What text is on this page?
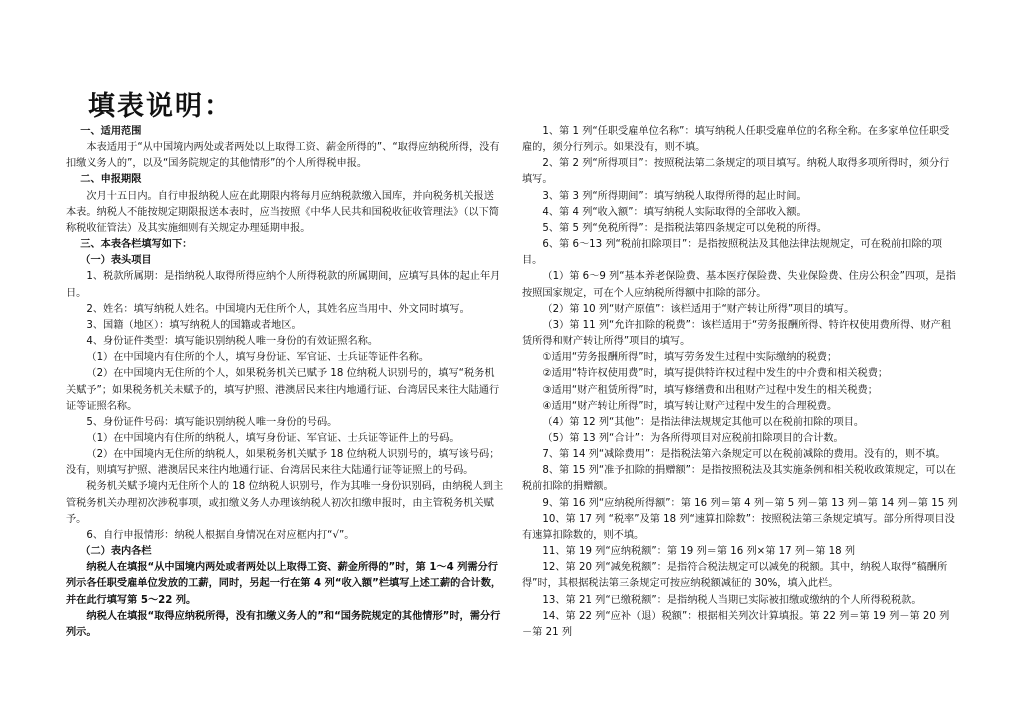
填表说明：

一、适用范围

本表适用于“从中国境内两处或者两处以上取得工资、薪金所得的”、“取得应纳税所得，没有扣缴义务人的”，以及“国务院规定的其他情形”的个人所得税申报。

二、申报期限

次月十五日内。自行申报纳税人应在此期限内将每月应纳税款缴入国库，并向税务机关报送本表。纳税人不能按规定期限报送本表时，应当按照《中华人民共和国税收征收管理法》（以下简称税收征管法）及其实施细则有关规定办理延期申报。

三、本表各栏填写如下：

（一）表头项目

1、税款所属期：是指纳税人取得所得应纳个人所得税款的所属期间，应填写具体的起止年月日。

2、姓名：填写纳税人姓名。中国境内无住所个人，其姓名应当用中、外文同时填写。

3、国籍（地区）：填写纳税人的国籍或者地区。

4、身份证件类型：填写能识别纳税人唯一身份的有效证照名称。

（1）在中国境内有住所的个人，填写身份证、军官证、士兵证等证件名称。

（2）在中国境内无住所的个人，如果税务机关已赋予 18 位纳税人识别号的，填写“税务机关赋予”；如果税务机关未赋予的，填写护照、港澳居民来往内地通行证、台湾居民来往大陆通行证等证照名称。

5、身份证件号码：填写能识别纳税人唯一身份的号码。

（1）在中国境内有住所的纳税人，填写身份证、军官证、士兵证等证件上的号码。

（2）在中国境内无住所的纳税人，如果税务机关赋予 18 位纳税人识别号的，填写该号码；没有，则填写护照、港澳居民来往内地通行证、台湾居民来往大陆通行证等证照上的号码。

税务机关赋予境内无住所个人的 18 位纳税人识别号，作为其唯一身份识别码，由纳税人到主管税务机关办理初次涉税事项，或扣缴义务人办理该纳税人初次扣缴申报时，由主管税务机关赋予。

6、自行申报情形：纳税人根据自身情况在对应框内打“√”。

（二）表内各栏

纳税人在填报“从中国境内两处或者两处以上取得工资、薪金所得的”时，第 1～4 列需分行列示各任职受雇单位发放的工薪，同时，另起一行在第 4 列“收入额”栏填写上述工薪的合计数，并在此行填写第 5～22 列。

纳税人在填报“取得应纳税所得，没有扣缴义务人的”和“国务院规定的其他情形”时，需分行列示。

1、第 1 列“任职受雇单位名称”：填写纳税人任职受雇单位的名称全称。在多家单位任职受雇的，须分行列示。如果没有，则不填。

2、第 2 列“所得项目”：按照税法第二条规定的项目填写。纳税人取得多项所得时，须分行填写。

3、第 3 列“所得期间”：填写纳税人取得所得的起止时间。

4、第 4 列“收入额”：填写纳税人实际取得的全部收入额。

5、第 5 列“免税所得”：是指税法第四条规定可以免税的所得。

6、第 6～13 列“税前扣除项目”：是指按照税法及其他法律法规规定，可在税前扣除的项目。

（1）第 6～9 列“基本养老保险费、基本医疗保险费、失业保险费、住房公积金”四项，是指按照国家规定，可在个人应纳税所得额中扣除的部分。

（2）第 10 列“财产原值”：该栏适用于“财产转让所得”项目的填写。

（3）第 11 列“允许扣除的税费”：该栏适用于“劳务报酬所得、特许权使用费所得、财产租赁所得和财产转让所得”项目的填写。

①适用“劳务报酬所得”时，填写劳务发生过程中实际缴纳的税费；

②适用“特许权使用费”时，填写提供特许权过程中发生的中介费和相关税费；

③适用“财产租赁所得”时，填写修缮费和出租财产过程中发生的相关税费；

④适用“财产转让所得”时，填写转让财产过程中发生的合理税费。

（4）第 12 列“其他”：是指法律法规规定其他可以在税前扣除的项目。

（5）第 13 列“合计”：为各所得项目对应税前扣除项目的合计数。

7、第 14 列“减除费用”：是指税法第六条规定可以在税前减除的费用。没有的，则不填。

8、第 15 列“准予扣除的捐赠额”：是指按照税法及其实施条例和相关税收政策规定，可以在税前扣除的捐赠额。

9、第 16 列“应纳税所得额”：第 16 列＝第 4 列－第 5 列－第 13 列－第 14 列－第 15 列

10、第 17 列 “税率”及第 18 列“速算扣除数”：按照税法第三条规定填写。部分所得项目没有速算扣除数的，则不填。

11、第 19 列“应纳税额”：第 19 列＝第 16 列×第 17 列－第 18 列

12、第 20 列“减免税额”：是指符合税法规定可以减免的税额。其中，纳税人取得“稿酬所得”时，其根据税法第三条规定可按应纳税额减征的 30%，填入此栏。

13、第 21 列“已缴税额”：是指纳税人当期已实际被扣缴或缴纳的个人所得税税款。

14、第 22 列“应补（退）税额”：根据相关列次计算填报。第 22 列＝第 19 列－第 20 列－第 21 列
